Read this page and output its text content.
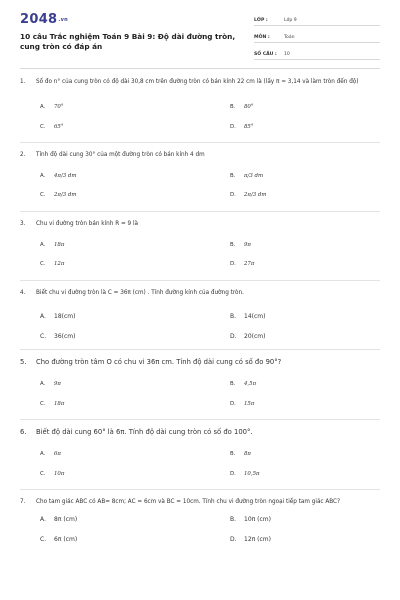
2048.vn
10 câu Trắc nghiệm Toán 9 Bài 9: Độ dài đường tròn, cung tròn có đáp án
LỚP :	Lớp 9
MÔN :	Toán
SỐ CÂU :	10
1.	Số đo n° của cung tròn có độ dài 30,8 cm trên đường tròn có bán kính 22 cm là (lấy π ≈ 3,14 và làm tròn đến độ)
A.	70°	B.	80°
C.	65°	D.	85°
2.	Tính độ dài cung 30° của một đường tròn có bán kính 4 dm
A.	4π/3 dm	B.	π/3 dm
C.	2π/3 dm	D.	2π/3 dm
3.	Chu vi đường tròn bán kính R = 9 là
A.	18π	B.	9π
C.	12π	D.	27π
4.	Biết chu vi đường tròn là C = 36π (cm) . Tính đường kính của đường tròn.
A.	18(cm)	B.	14(cm)
C.	36(cm)	D.	20(cm)
5.	Cho đường tròn tâm O có chu vi 36π cm. Tính độ dài cung có số đo 90°?
A.	9π	B.	4,5π
C.	18π	D.	15π
6.	Biết độ dài cung 60° là 6π. Tính độ dài cung tròn có số đo 100°.
A.	6π	B.	8π
C.	10π	D.	10,5π
7.	Cho tam giác ABC có AB= 8cm; AC = 6cm và BC = 10cm. Tính chu vi đường tròn ngoại tiếp tam giác ABC?
A.	8π (cm)	B.	10π (cm)
C.	6π (cm)	D.	12π (cm)
